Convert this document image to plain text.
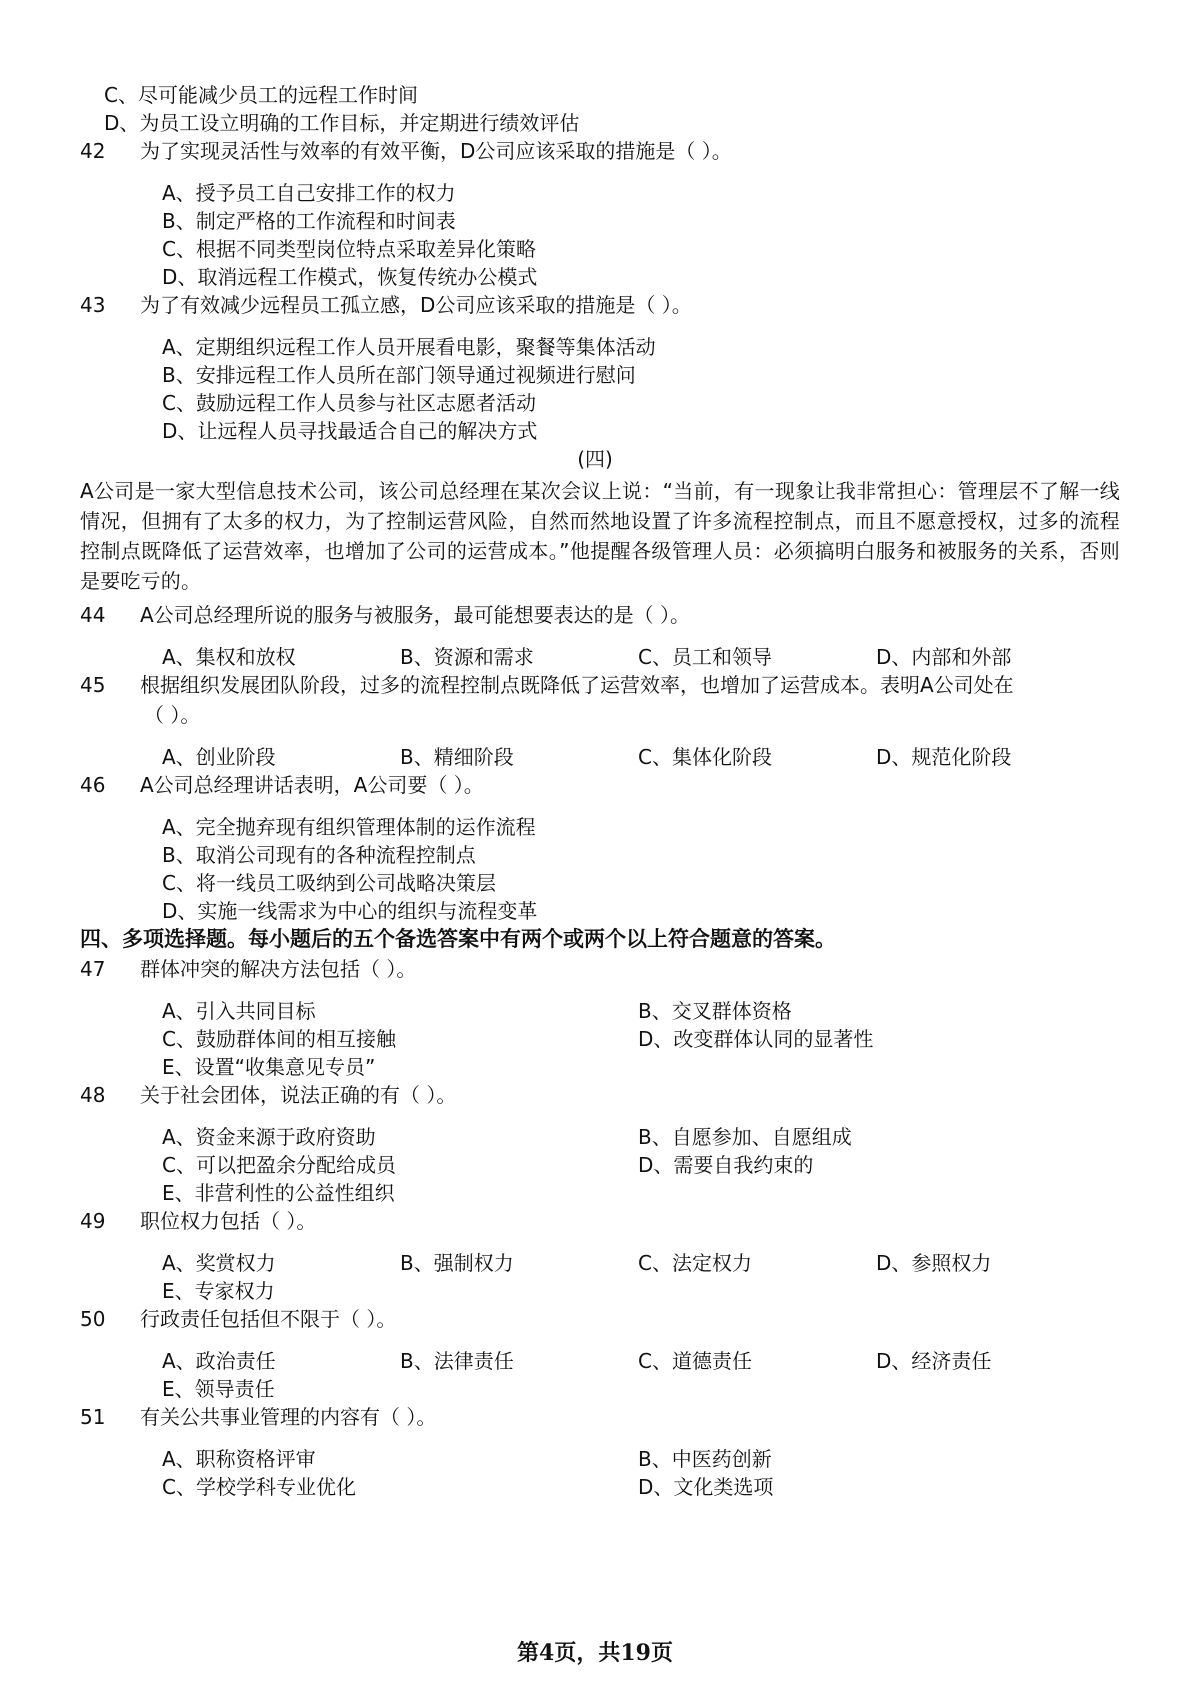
C、尽可能减少员工的远程工作时间
D、为员工设立明确的工作目标，并定期进行绩效评估
42 为了实现灵活性与效率的有效平衡，D公司应该采取的措施是（ ）。
A、授予员工自己安排工作的权力
B、制定严格的工作流程和时间表
C、根据不同类型岗位特点采取差异化策略
D、取消远程工作模式，恢复传统办公模式
43 为了有效减少远程员工孤立感，D公司应该采取的措施是（ ）。
A、定期组织远程工作人员开展看电影，聚餐等集体活动
B、安排远程工作人员所在部门领导通过视频进行慰问
C、鼓励远程工作人员参与社区志愿者活动
D、让远程人员寻找最适合自己的解决方式
(四)
A公司是一家大型信息技术公司，该公司总经理在某次会议上说：“当前，有一现象让我非常担心：管理层不了解一线情况，但拥有了太多的权力，为了控制运营风险，自然而然地设置了许多流程控制点，而且不愿意授权，过多的流程控制点既降低了运营效率，也增加了公司的运营成本。”他提醒各级管理人员：必须搞明白服务和被服务的关系，否则是要吃亏的。
44 A公司总经理所说的服务与被服务，最可能想要表达的是（ ）。
A、集权和放权	B、资源和需求	C、员工和领导	D、内部和外部
45 根据组织发展团队阶段，过多的流程控制点既降低了运营效率，也增加了运营成本。表明A公司处在
（ ）。
A、创业阶段	B、精细阶段	C、集体化阶段	D、规范化阶段
46 A公司总经理讲话表明，A公司要（ ）。
A、完全抛弃现有组织管理体制的运作流程
B、取消公司现有的各种流程控制点
C、将一线员工吸纳到公司战略决策层
D、实施一线需求为中心的组织与流程变革
四、多项选择题。每小题后的五个备选答案中有两个或两个以上符合题意的答案。
47 群体冲突的解决方法包括（ ）。
A、引入共同目标	B、交叉群体资格
C、鼓励群体间的相互接触	D、改变群体认同的显著性
E、设置“收集意见专员”
48 关于社会团体，说法正确的有（ ）。
A、资金来源于政府资助	B、自愿参加、自愿组成
C、可以把盈余分配给成员	D、需要自我约束的
E、非营利性的公益性组织
49 职位权力包括（ ）。
A、奖赏权力	B、强制权力	C、法定权力	D、参照权力
E、专家权力
50 行政责任包括但不限于（ ）。
A、政治责任	B、法律责任	C、道德责任	D、经济责任
E、领导责任
51 有关公共事业管理的内容有（ ）。
A、职称资格评审	B、中医药创新
C、学校学科专业优化	D、文化类选项
第4页，共19页
